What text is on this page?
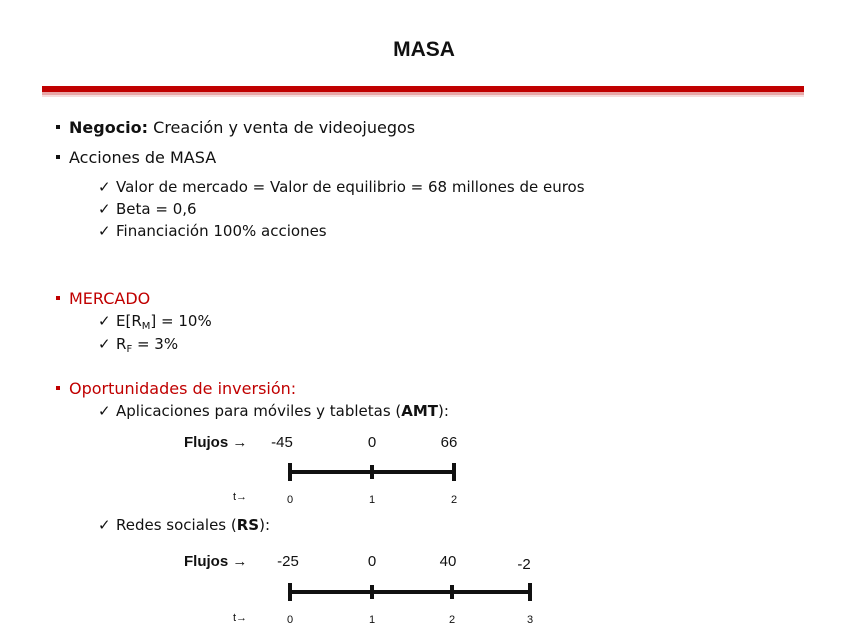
MASA
Negocio: Creación y venta de videojuegos
Acciones de MASA
✓ Valor de mercado = Valor de equilibrio = 68 millones de euros
✓ Beta = 0,6
✓ Financiación 100% acciones
MERCADO
✓ $E[R_M] = 10\%$
✓ $R_F = 3\%$
Oportunidades de inversión:
✓ Aplicaciones para móviles y tabletas (AMT):
Flujos →	-45	0	66
t→	0	1	2
✓ Redes sociales (RS):
Flujos →	-25	0	40	-2
t→	0	1	2	3
